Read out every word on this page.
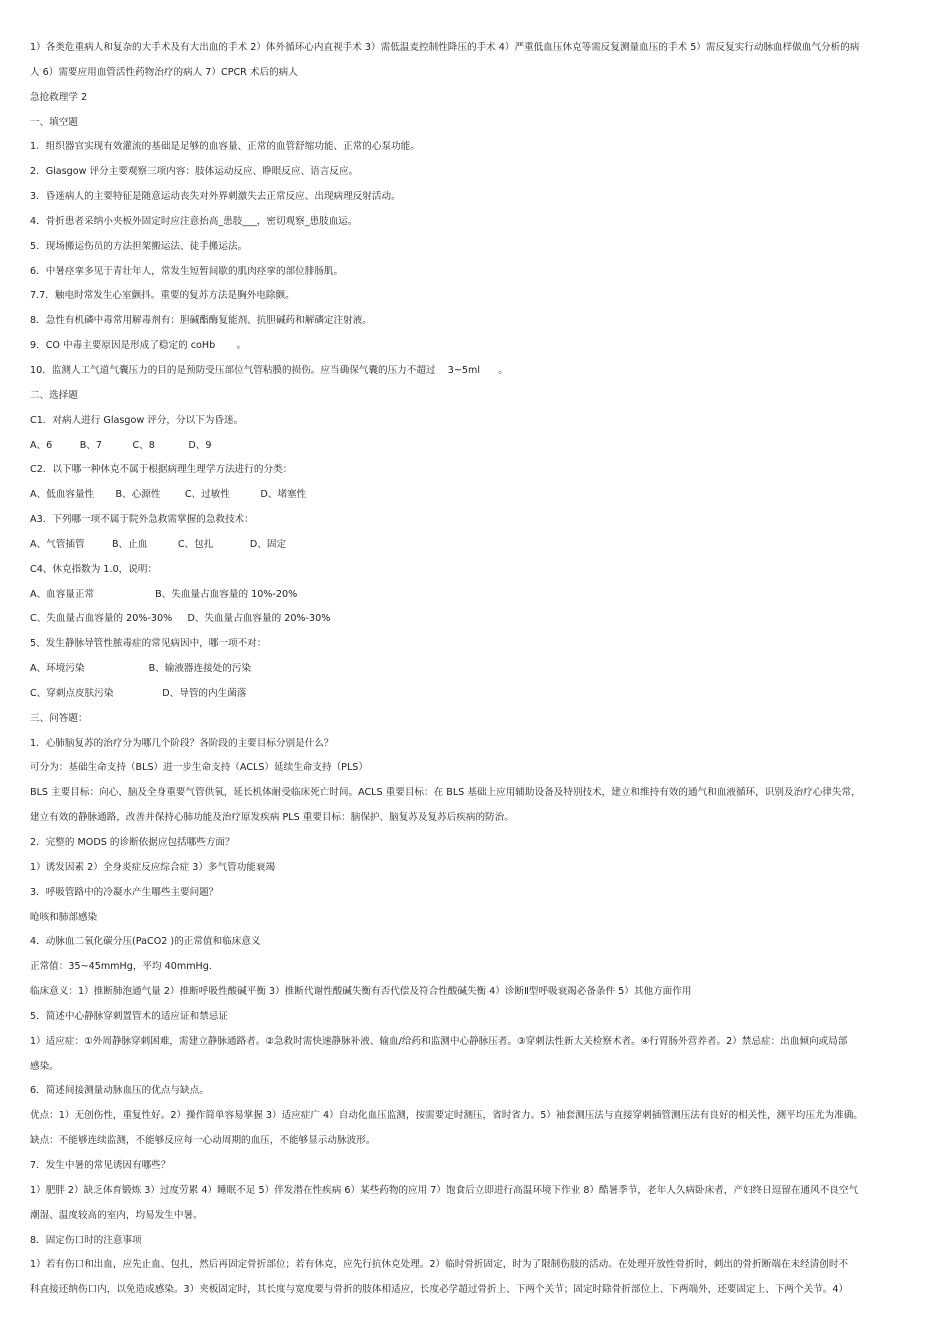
1）各类危重病人和复杂的大手术及有大出血的手术 2）体外循环心内直视手术 3）需低温麦控制性降压的手术 4）严重低血压休克等需反复测量血压的手术 5）需反复实行动脉血样做血气分析的病
人 6）需要应用血管活性药物治疗的病人 7）CPCR 术后的病人
急抢救理学 2
一、填空题
1．组织器官实现有效灌流的基础是足够的血容量、正常的血管舒缩功能、正常的心泵功能。
2．Glasgow 评分主要观察三项内容：肢体运动反应、睁眼反应、语言反应。
3．昏迷病人的主要特征是随意运动丧失对外界刺激失去正常反应、出现病理反射活动。
4．骨折患者采纳小夹板外固定时应注意抬高_患肢___，密切观察_患肢血运。
5．现场搬运伤员的方法担架搬运法、徒手搬运法。
6．中暑痉挛多见于青壮年人，常发生短暂间歇的肌肉痉挛的部位腓肠肌。
7.7．触电时常发生心室颤抖。重要的复苏方法是胸外电除颤。
8．急性有机磷中毒常用解毒剂有：胆碱酯酶复能剂、抗胆碱药和解磷定注射液。
9．CO 中毒主要原因是形成了稳定的 coHb       。
10．监测人工气道气囊压力的目的是预防受压部位气管粘膜的损伤。应当确保气囊的压力不超过    3~5ml      。
二、选择题
C1．对病人进行 Glasgow 评分，分以下为昏迷。
A、6         B、7          C、8           D、9
C2．以下哪一种休克不属于根据病理生理学方法进行的分类：
A、低血容量性       B、心源性        C、过敏性          D、堵塞性
A3．下列哪一项不属于院外急救需掌握的急救技术：
A、气管插管         B、止血          C、包扎            D、固定
C4、休克指数为 1.0，说明：
A、血容量正常                    B、失血量占血容量的 10%-20%
C、失血量占血容量的 20%-30%     D、失血量占血容量的 20%-30%
5、发生静脉导管性脓毒症的常见病因中，哪一项不对：
A、环境污染                     B、输液器连接处的污染
C、穿刺点皮肤污染                D、导管的内生菌落
三、问答题：
1．心肺脑复苏的治疗分为哪几个阶段？各阶段的主要目标分别是什么？
可分为：基础生命支持（BLS）进一步生命支持（ACLS）延续生命支持（PLS）
BLS 主要目标：向心、脑及全身重要气管供氧，延长机体耐受临床死亡时间。ACLS 重要目标：在 BLS 基础上应用辅助设备及特别技术，建立和维持有效的通气和血液循环，识别及治疗心律失常，
建立有效的静脉通路，改善并保持心肺功能及治疗原发疾病 PLS 重要目标：脑保护、脑复苏及复苏后疾病的防治。
2．完整的 MODS 的诊断依据应包括哪些方面？
1）诱发因素 2）全身炎症反应综合症 3）多气管功能衰竭
3．呼吸管路中的冷凝水产生哪些主要问题？
呛咳和肺部感染
4．动脉血二氧化碳分压(PaCO2 )的正常值和临床意义
正常值：35~45mmHg，平均 40mmHg.
临床意义：1）推断肺泡通气量 2）推断呼吸性酸碱平衡 3）推断代谢性酸碱失衡有否代偿及符合性酸碱失衡 4）诊断Ⅱ型呼吸衰竭必备条件 5）其他方面作用
5．简述中心静脉穿刺置管术的适应证和禁忌证
1）适应症：①外周静脉穿刺困难，需建立静脉通路者。②急救时需快速静脉补液、输血/给药和监测中心静脉压者。③穿刺法性新大关检察术者。④行胃肠外营养者。2）禁忌症：出血倾向或局部
感染。
6．简述间接测量动脉血压的优点与缺点。
优点：1）无创伤性，重复性好。2）操作简单容易掌握 3）适应症广 4）自动化血压监测，按需要定时测压，省时省力。5）袖套测压法与直接穿刺插管测压法有良好的相关性，测平均压尤为准确。
缺点：不能够连续监测，不能够反应每一心动周期的血压，不能够显示动脉波形。
7．发生中暑的常见诱因有哪些？
1）肥胖 2）缺乏体育锻炼 3）过度劳累 4）睡眠不足 5）伴发潜在性疾病 6）某些药物的应用 7）饱食后立即进行高温环境下作业 8）酷暑季节，老年人久病卧床者，产妇终日逗留在通风不良空气
潮湿、温度较高的室内，均易发生中暑。
8．固定伤口时的注意事项
1）若有伤口和出血，应先止血、包扎，然后再固定骨折部位；若有休克，应先行抗休克处理。2）临时骨折固定，时为了限制伤肢的活动。在处理开放性骨折时，刺出的骨折断端在未经清创时不
科直接还纳伤口内，以免造成感染。3）夹板固定时，其长度与宽度要与骨折的肢体相适应，长度必学超过骨折上、下两个关节；固定时除骨折部位上、下两端外，还要固定上、下两个关节。4）
